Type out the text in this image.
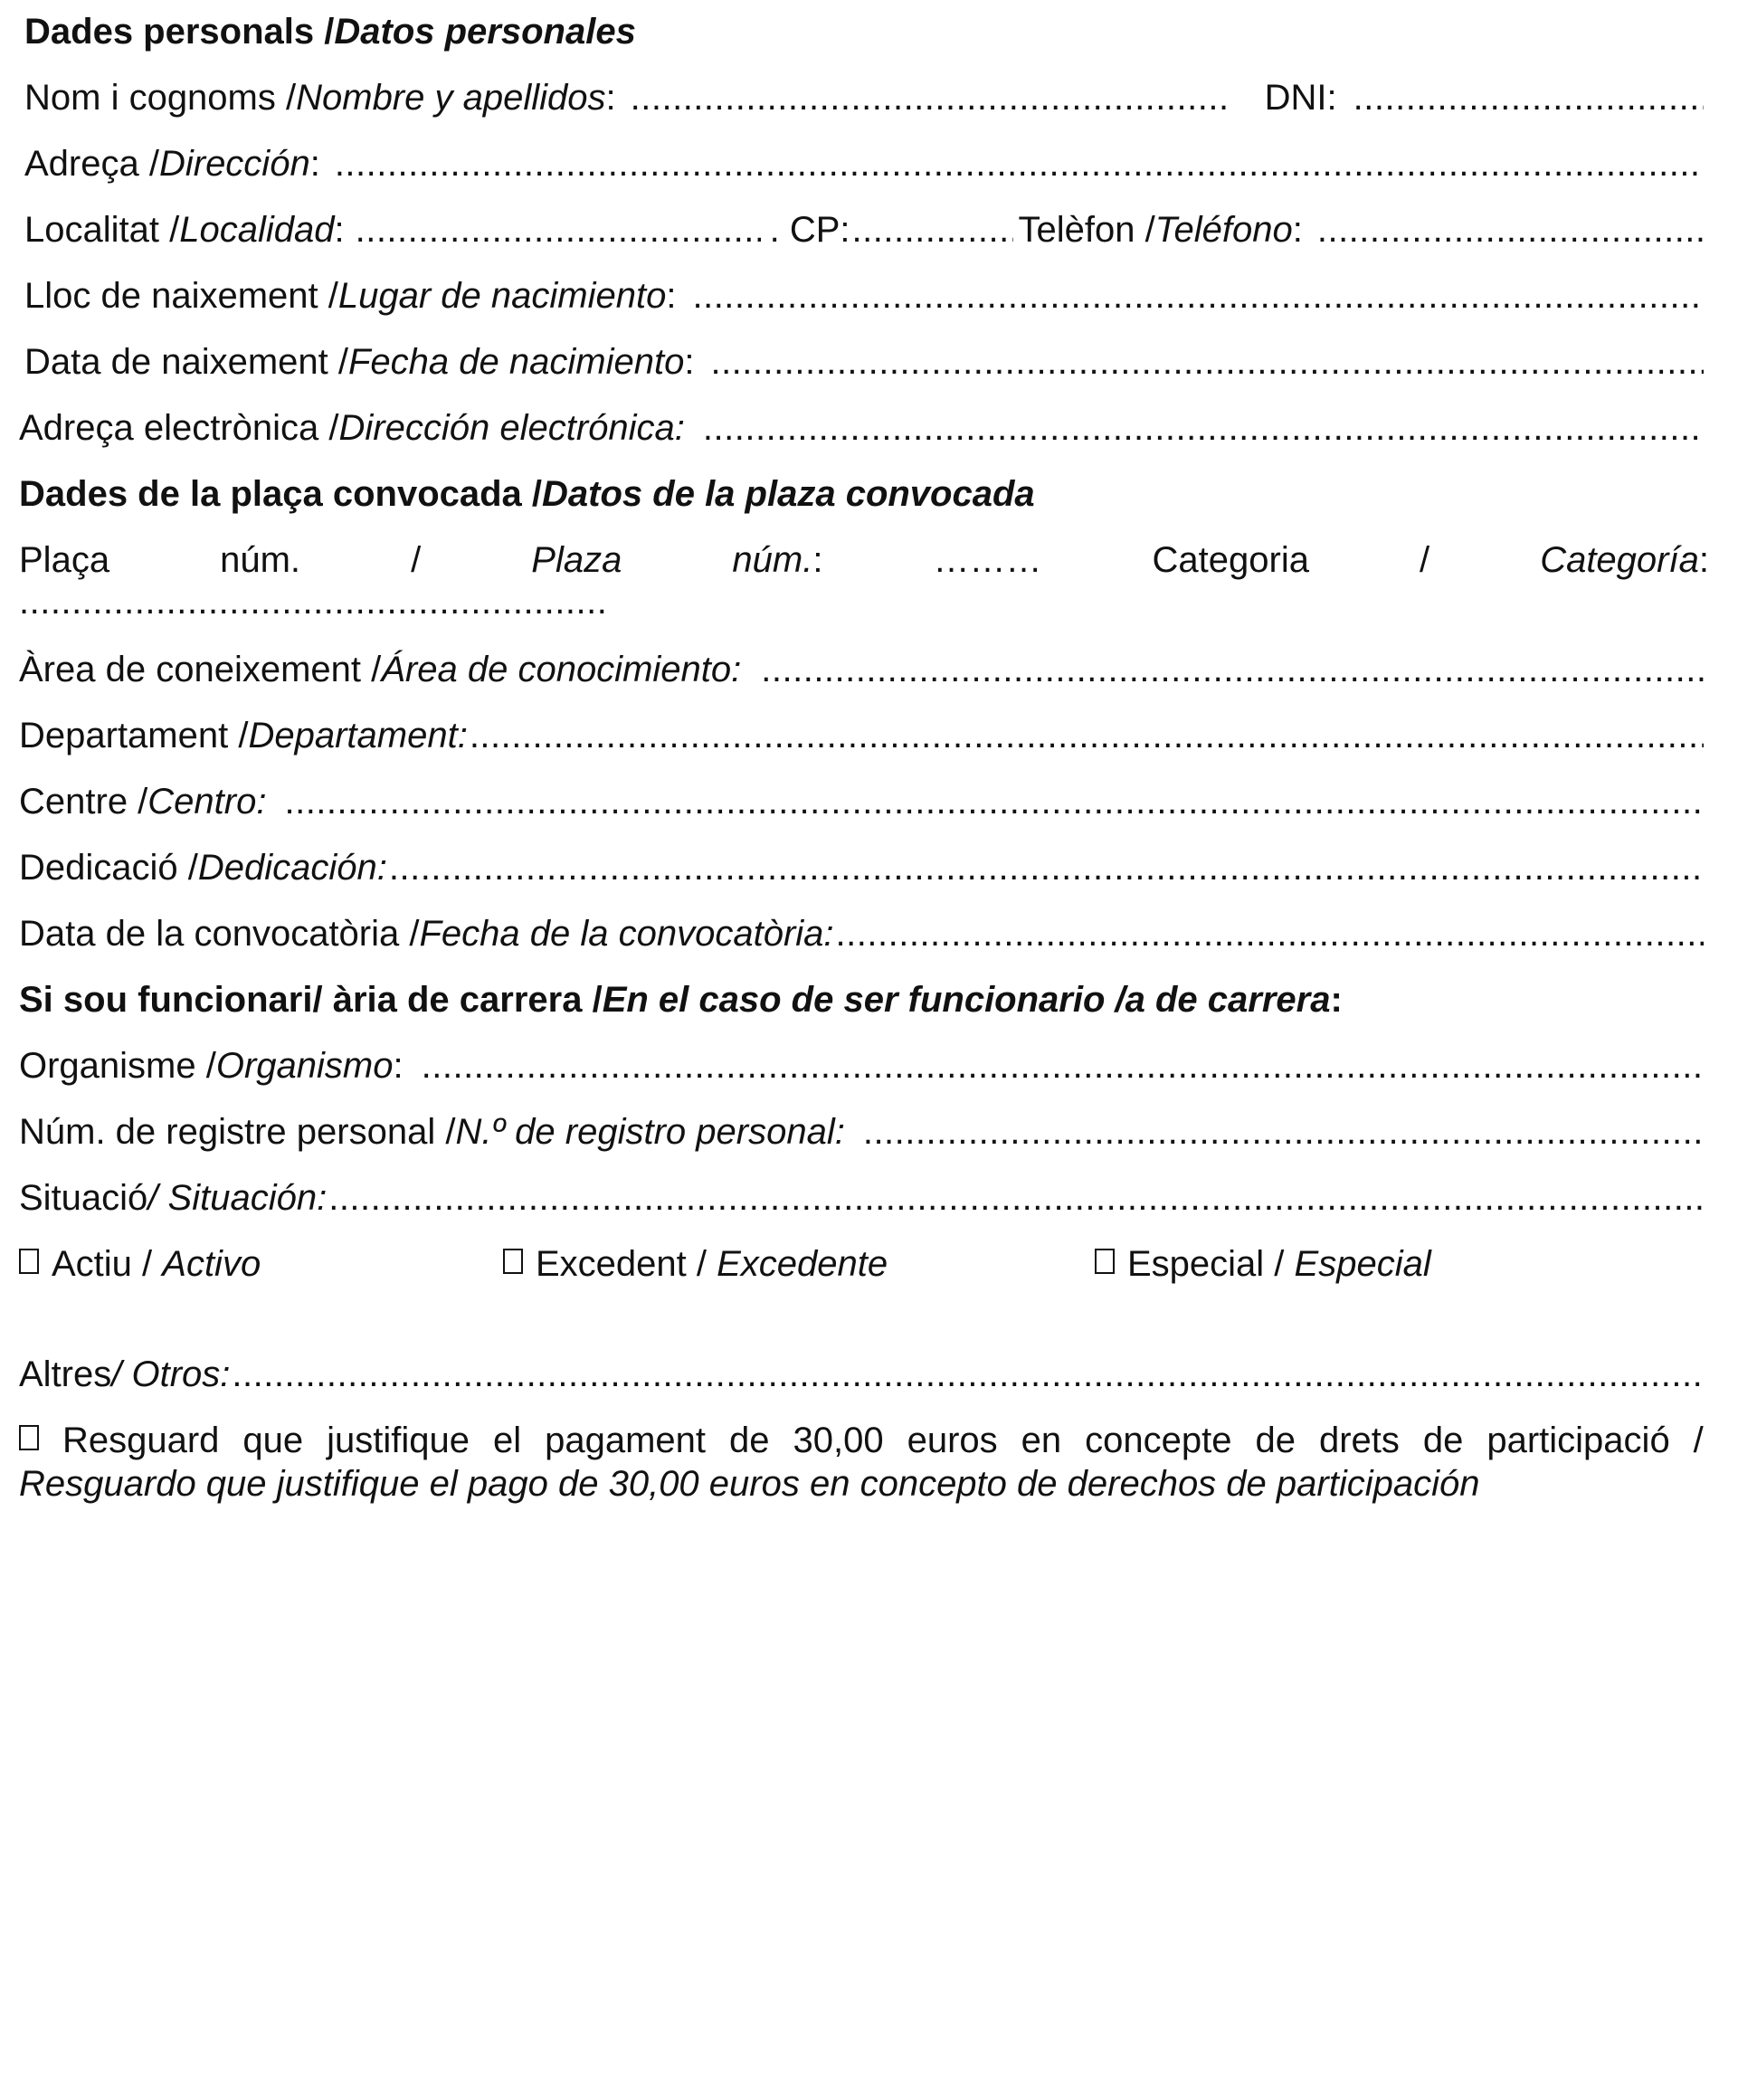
Dades personals / Datos personales
Nom i cognoms / Nombre y apellidos : .....	DNI:
.....
Adreça / Dirección :
.....
Localitat / Localidad : .....	. CP: .....	Telèfon / Teléfono :
.....
Lloc de naixement / Lugar de nacimiento :
.....
Data de naixement / Fecha de nacimiento :
.....
Adreça electrònica / Dirección electrónica:
.....
Dades de la plaça convocada / Datos de la plaza convocada
Plaça	núm.	/	Plaza	núm.:	………	Categoria	/	Categoría:
.....
Àrea de coneixement / Área de conocimiento:
.....
Departament / Departament:
.....
Centre / Centro:
.....
Dedicació / Dedicación:
.....
Data de la convocatòria / Fecha de la convocatòria:
.....
Si sou funcionari/ ària de carrera / En el caso de ser funcionario /a de carrera :
Organisme / Organismo :
.....
Núm. de registre personal / N.º de registro personal:
.....
Situació / Situación:
.....
Actiu / Activo	Excedent / Excedente	Especial / Especial
Altres / Otros:
.....
Resguard que justifique el pagament de 30,00 euros en concepte de drets de participació /
Resguardo que justifique el pago de 30,00 euros en concepto de derechos de participación
